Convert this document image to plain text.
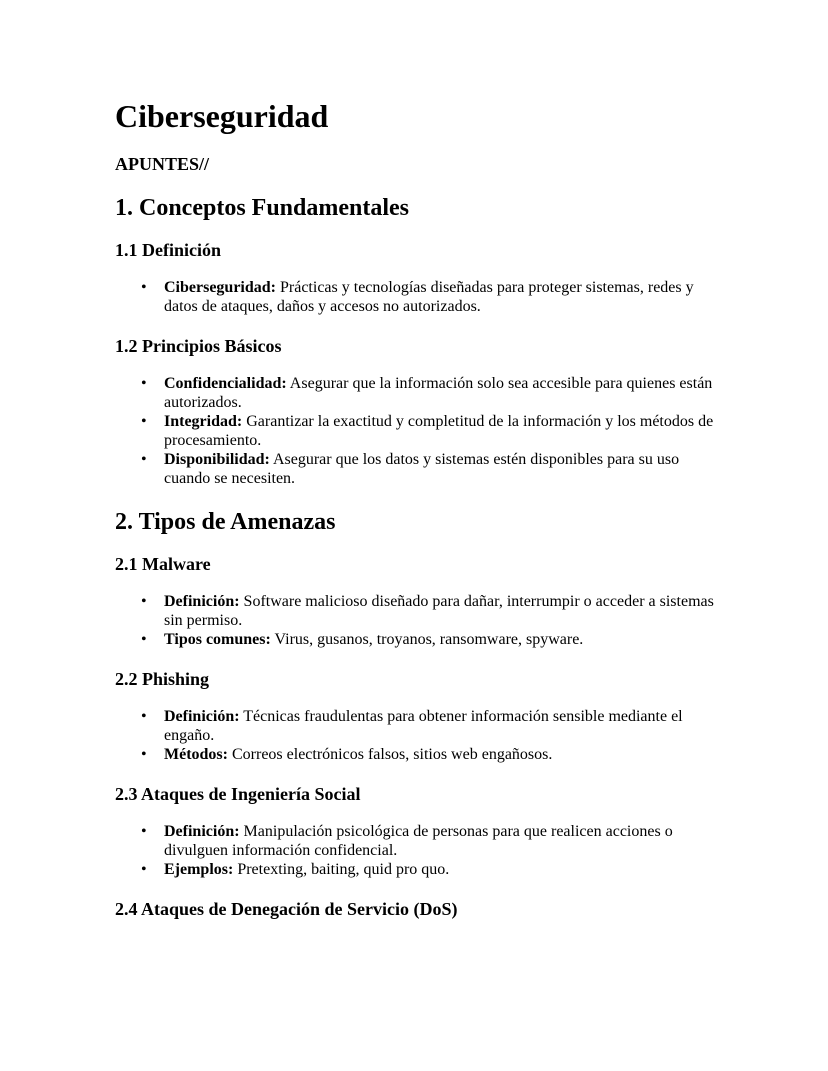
Ciberseguridad
APUNTES//
1. Conceptos Fundamentales
1.1 Definición
• Ciberseguridad: Prácticas y tecnologías diseñadas para proteger sistemas, redes y datos de ataques, daños y accesos no autorizados.
1.2 Principios Básicos
• Confidencialidad: Asegurar que la información solo sea accesible para quienes están autorizados.
• Integridad: Garantizar la exactitud y completitud de la información y los métodos de procesamiento.
• Disponibilidad: Asegurar que los datos y sistemas estén disponibles para su uso cuando se necesiten.
2. Tipos de Amenazas
2.1 Malware
• Definición: Software malicioso diseñado para dañar, interrumpir o acceder a sistemas sin permiso.
• Tipos comunes: Virus, gusanos, troyanos, ransomware, spyware.
2.2 Phishing
• Definición: Técnicas fraudulentas para obtener información sensible mediante el engaño.
• Métodos: Correos electrónicos falsos, sitios web engañosos.
2.3 Ataques de Ingeniería Social
• Definición: Manipulación psicológica de personas para que realicen acciones o divulguen información confidencial.
• Ejemplos: Pretexting, baiting, quid pro quo.
2.4 Ataques de Denegación de Servicio (DoS)
